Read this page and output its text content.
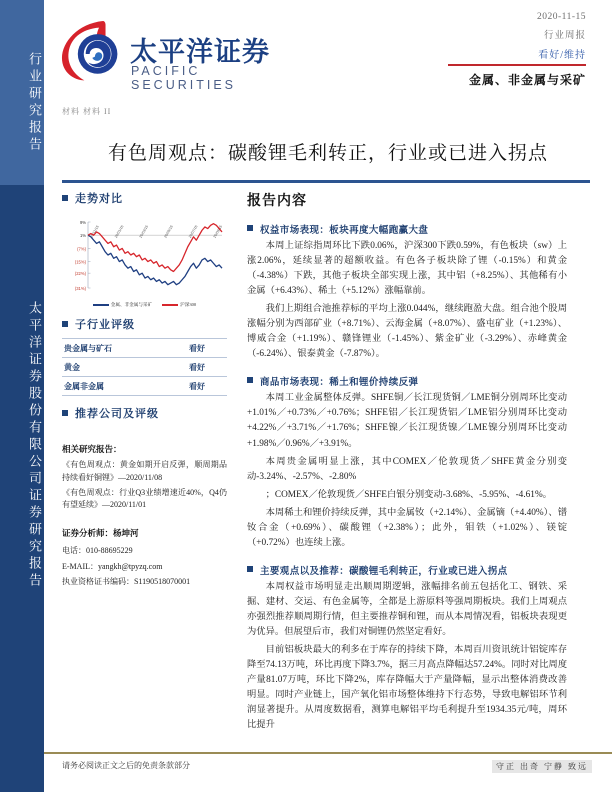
行业研究报告
太平洋证券股份有限公司证券研究报告
太平洋证券
PACIFIC SECURITIES
材料 材料 II
2020-11-15
行业周报
看好/维持
金属、非金属与采矿
有色周观点：碳酸锂毛利转正，行业或已进入拐点
走势对比
9%
1%
(7%)
(15%)
(22%)
(31%)
19/11/15	20/01/15	20/03/15	20/05/15	20/07/15	20/09/15
金属、非金属与采矿	沪深300
子行业评级
贵金属与矿石	看好
黄金	看好
金属非金属	看好
推荐公司及评级
相关研究报告：
《有色周观点：黄金如期开启反弹，顺周期品持续看好铜锂》—2020/11/08
《有色周观点：行业Q3业绩增速近40%，Q4仍有望延续》—2020/11/01
证券分析师：杨坤河
电话：010-88695229
E-MAIL：yangkh@tpyzq.com
执业资格证书编码：S1190518070001
报告内容
权益市场表现：板块再度大幅跑赢大盘
本周上证综指周环比下跌0.06%，沪深300下跌0.59%，有色板块（sw）上涨2.06%，延续显著的超额收益。有色各子板块除了锂（-0.15%）和黄金（-4.38%）下跌，其他子板块全部实现上涨，其中铝（+8.25%）、其他稀有小金属（+6.43%）、稀土（+5.12%）涨幅靠前。
我们上期组合池推荐标的平均上涨0.044%，继续跑盈大盘。组合池个股周涨幅分别为西部矿业（+8.71%）、云海金属（+8.07%）、盛屯矿业（+1.23%）、博威合金（+1.19%）、赣锋锂业（-1.45%）、紫金矿业（-3.29%）、赤峰黄金（-6.24%）、银泰黄金（-7.87%）。
商品市场表现：稀土和锂价持续反弹
本周工业金属整体反弹。SHFE铜／长江现货铜／LME铜分别周环比变动+1.01%／+0.73%／+0.76%；SHFE铝／长江现货铝／LME铝分别周环比变动 +4.22%／+3.71%／+1.76%；SHFE镍／长江现货镍／LME镍分别周环比变动+1.98%／0.96%／+3.91%。
本周贵金属明显上涨，其中COMEX／伦敦现货／SHFE黄金分别变动-3.24%、-2.57%、-2.80%
；COMEX／伦敦现货／SHFE白银分别变动-3.68%、-5.95%、-4.61%。
本周稀土和锂价持续反弹，其中金属钕（+2.14%）、金属镝（+4.40%）、镨钕合金（+0.69%）、碳酸锂（+2.38%）；此外，钼铁（+1.02%）、镁锭（+0.72%）也连续上涨。
主要观点以及推荐：碳酸锂毛利转正，行业或已进入拐点
本周权益市场明显走出顺周期逻辑，涨幅排名前五包括化工、钢铁、采掘、建材、交运、有色金属等，全都是上游原料等强周期板块。我们上周观点亦强烈推荐顺周期行情，但主要推荐铜和锂，而从本周情况看，铝板块表现更为优异。但展望后市，我们对铜锂仍然坚定看好。
目前铝板块最大的利多在于库存的持续下降，本周百川资讯统计铝锭库存降至74.13万吨，环比再度下降3.7%，据三月高点降幅达57.24%。同时对比周度产量81.07万吨，环比下降2%，库存降幅大于产量降幅，显示出整体消费改善明显。同时产业链上，国产氧化铝市场整体维持下行态势，导致电解铝环节利润显著提升。从周度数据看，测算电解铝平均毛利提升至1934.35元/吨，周环比提升
请务必阅读正文之后的免责条款部分	守正 出奇 宁静 致远
